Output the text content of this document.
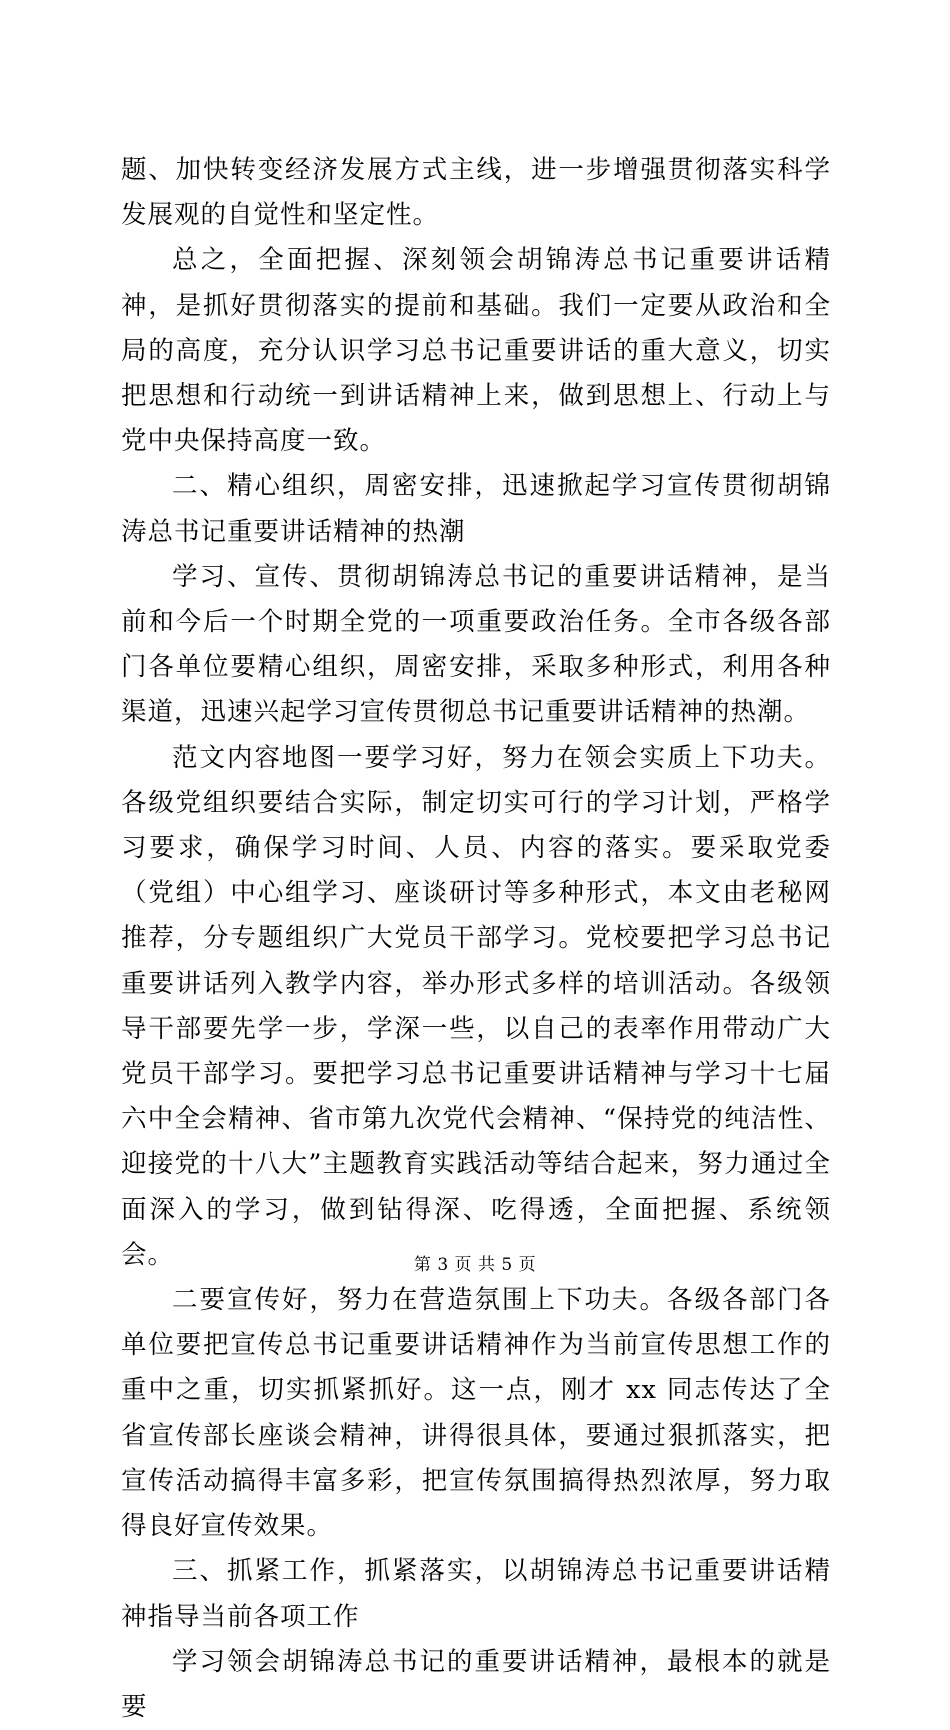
题、加快转变经济发展方式主线，进一步增强贯彻落实科学发展观的自觉性和坚定性。

总之，全面把握、深刻领会胡锦涛总书记重要讲话精神，是抓好贯彻落实的提前和基础。我们一定要从政治和全局的高度，充分认识学习总书记重要讲话的重大意义，切实把思想和行动统一到讲话精神上来，做到思想上、行动上与党中央保持高度一致。

二、精心组织，周密安排，迅速掀起学习宣传贯彻胡锦涛总书记重要讲话精神的热潮

学习、宣传、贯彻胡锦涛总书记的重要讲话精神，是当前和今后一个时期全党的一项重要政治任务。全市各级各部门各单位要精心组织，周密安排，采取多种形式，利用各种渠道，迅速兴起学习宣传贯彻总书记重要讲话精神的热潮。

范文内容地图一要学习好，努力在领会实质上下功夫。各级党组织要结合实际，制定切实可行的学习计划，严格学习要求，确保学习时间、人员、内容的落实。要采取党委（党组）中心组学习、座谈研讨等多种形式，本文由老秘网推荐，分专题组织广大党员干部学习。党校要把学习总书记重要讲话列入教学内容，举办形式多样的培训活动。各级领导干部要先学一步，学深一些，以自己的表率作用带动广大党员干部学习。要把学习总书记重要讲话精神与学习十七届六中全会精神、省市第九次党代会精神、“保持党的纯洁性、迎接党的十八大”主题教育实践活动等结合起来，努力通过全面深入的学习，做到钻得深、吃得透，全面把握、系统领会。

二要宣传好，努力在营造氛围上下功夫。各级各部门各单位要把宣传总书记重要讲话精神作为当前宣传思想工作的重中之重，切实抓紧抓好。这一点，刚才 xx 同志传达了全省宣传部长座谈会精神，讲得很具体，要通过狠抓落实，把宣传活动搞得丰富多彩，把宣传氛围搞得热烈浓厚，努力取得良好宣传效果。

三、抓紧工作，抓紧落实，以胡锦涛总书记重要讲话精神指导当前各项工作

学习领会胡锦涛总书记的重要讲话精神，最根本的就是要

第 3 页 共 5 页
